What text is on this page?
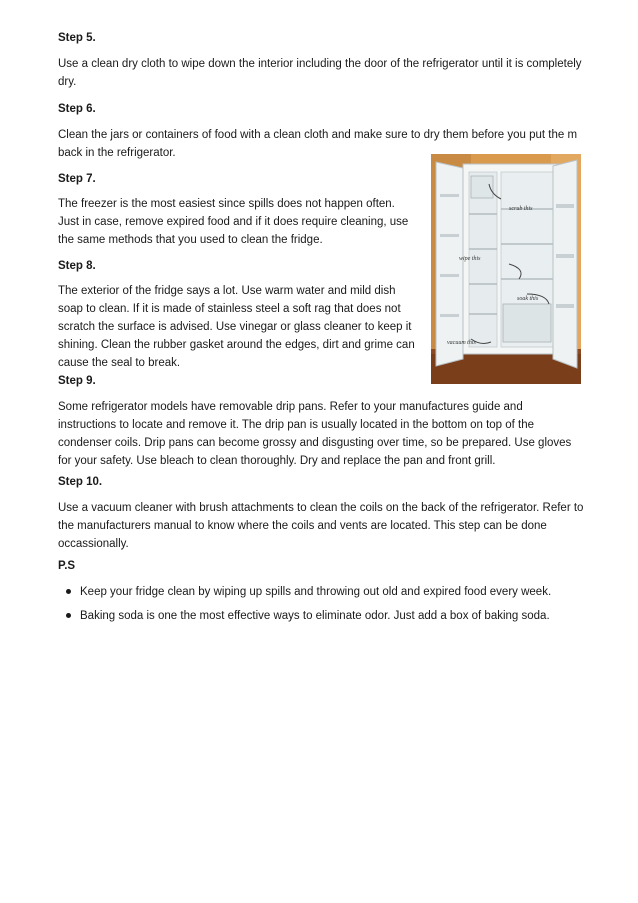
Step 5.

Use a clean dry cloth to wipe down the interior including the door of the refrigerator until it is completely
dry.

Step 6.

Clean the jars or containers of food with a clean cloth and make sure to dry them before you put the m
back in the refrigerator.

Step 7.

The freezer is the most easiest since spills does not happen often.
Just in case, remove expired food and if it does require cleaning, use
the same methods that you used to clean the fridge.

Step 8.

The exterior of the fridge says a lot. Use warm water and mild dish
soap to clean. If it is made of stainless steel a soft rag that does not
scratch the surface is advised. Use vinegar or glass cleaner to keep it
shining. Clean the rubber gasket around the edges, dirt and grime can
cause the seal to break.

Step 9.

Some refrigerator models have removable drip pans. Refer to your manufactures guide and
instructions to locate and remove it. The drip pan is usually located in the bottom on top of the
condenser coils. Drip pans can become grossy and disgusting over time, so be prepared. Use gloves
for your safety. Use bleach to clean thoroughly. Dry and replace the pan and front grill.

Step 10.

Use a vacuum cleaner with brush attachments to clean the coils on the back of the refrigerator. Refer to
the manufacturers manual to know where the coils and vents are located. This step can be done
occassionally.

P.S

Keep your fridge clean by wiping up spills and throwing out old and expired food every week.
Baking soda is one the most effective ways to eliminate odor. Just add a box of baking soda.
scrub this
wipe this
soak this
vacuum this
